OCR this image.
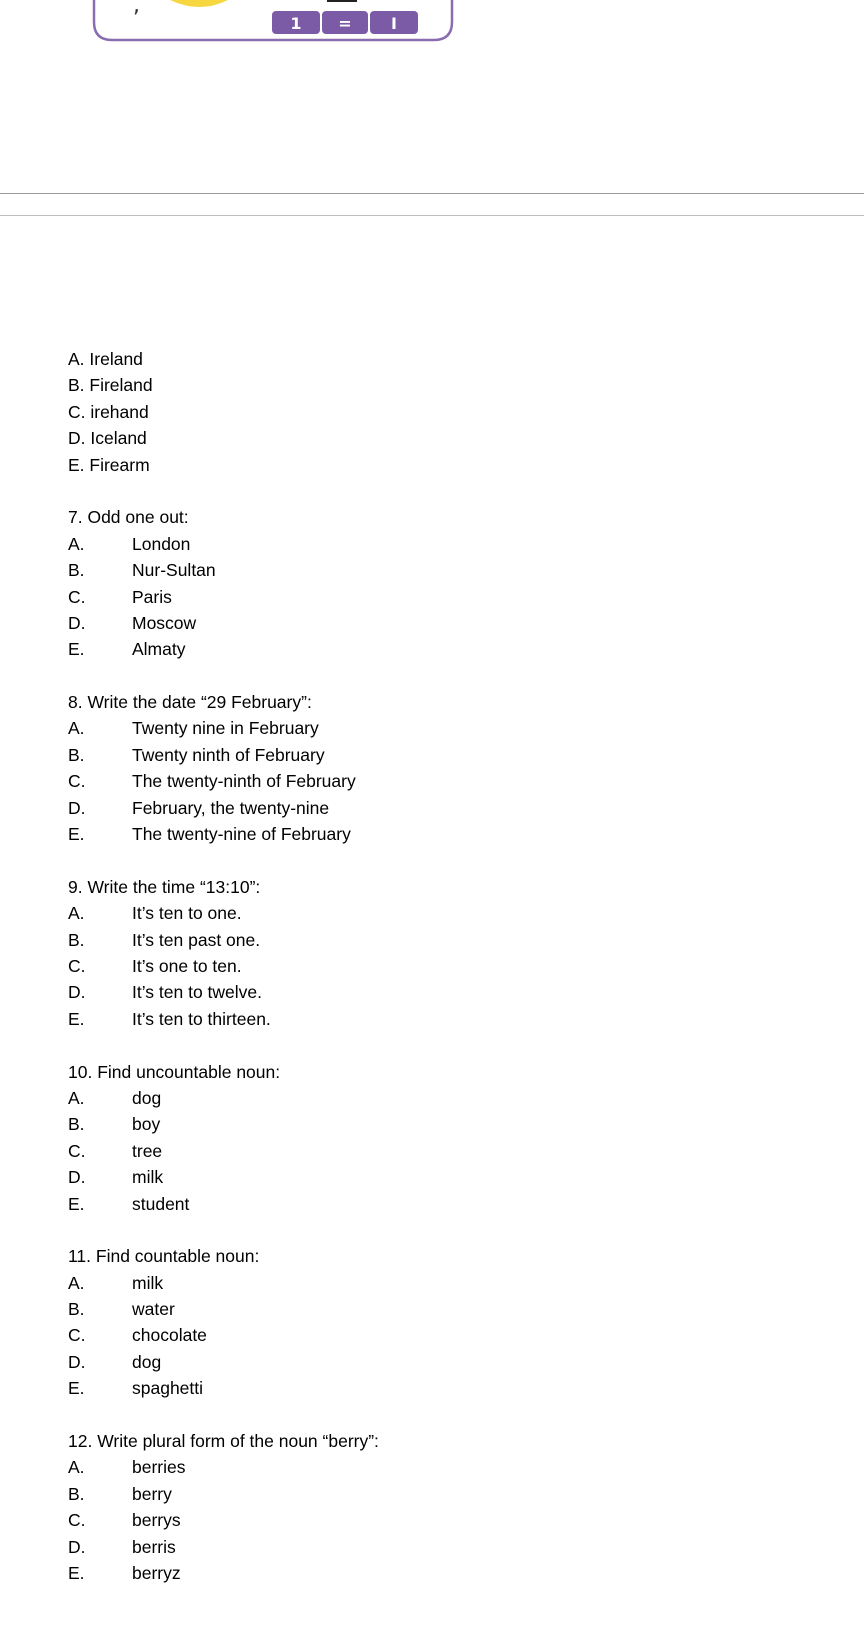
,
1 = I
A. Ireland
B. Fireland
C. irehand
D. Iceland
E. Firearm
7. Odd one out:
A.	London
B.	Nur-Sultan
C.	Paris
D.	Moscow
E.	Almaty
8. Write the date “29 February”:
A.	Twenty nine in February
B.	Twenty ninth of February
C.	The twenty-ninth of February
D.	February, the twenty-nine
E.	The twenty-nine of February
9. Write the time “13:10”:
A.	It’s ten to one.
B.	It’s ten past one.
C.	It’s one to ten.
D.	It’s ten to twelve.
E.	It’s ten to thirteen.
10. Find uncountable noun:
A.	dog
B.	boy
C.	tree
D.	milk
E.	student
11. Find countable noun:
A.	milk
B.	water
C.	chocolate
D.	dog
E.	spaghetti
12. Write plural form of the noun “berry”:
A.	berries
B.	berry
C.	berrys
D.	berris
E.	berryz
